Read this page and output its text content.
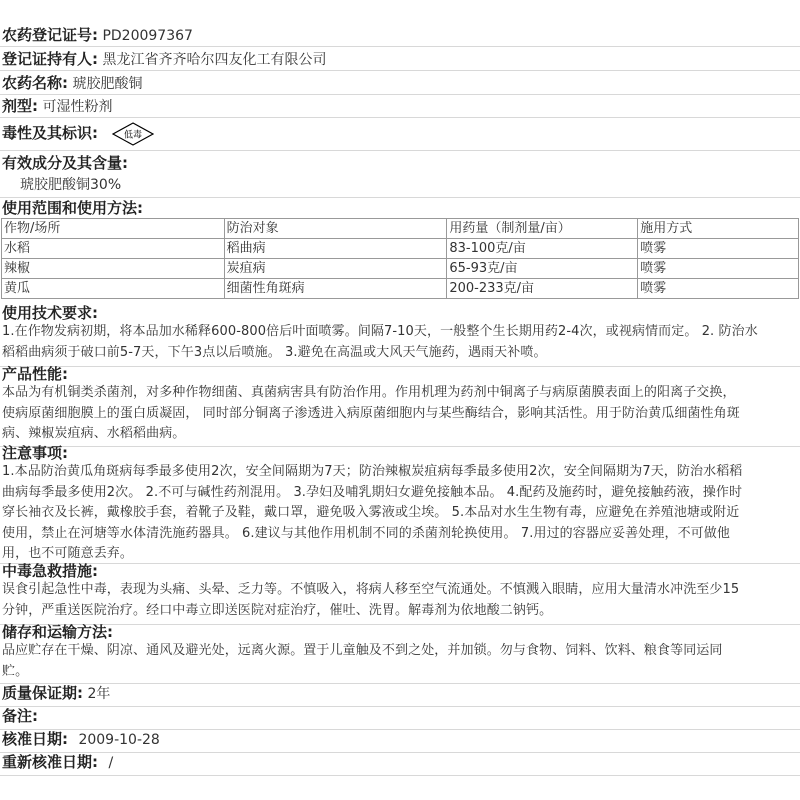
农药登记证号: PD20097367
登记证持有人: 黑龙江省齐齐哈尔四友化工有限公司
农药名称: 琥胶肥酸铜
剂型: 可湿性粉剂
毒性及其标识:	低毒
有效成分及其含量:
琥胶肥酸铜30%
使用范围和使用方法:
作物/场所	防治对象	用药量（制剂量/亩）	施用方式
水稻	稻曲病	83-100克/亩	喷雾
辣椒	炭疽病	65-93克/亩	喷雾
黄瓜	细菌性角斑病	200-233克/亩	喷雾
使用技术要求:
1.在作物发病初期，将本品加水稀释600-800倍后叶面喷雾。间隔7-10天，一般整个生长期用药2-4次，或视病情而定。 2. 防治水
稻稻曲病须于破口前5-7天，下午3点以后喷施。 3.避免在高温或大风天气施药，遇雨天补喷。
产品性能:
本品为有机铜类杀菌剂，对多种作物细菌、真菌病害具有防治作用。作用机理为药剂中铜离子与病原菌膜表面上的阳离子交换，
使病原菌细胞膜上的蛋白质凝固， 同时部分铜离子渗透进入病原菌细胞内与某些酶结合，影响其活性。用于防治黄瓜细菌性角斑
病、辣椒炭疽病、水稻稻曲病。
注意事项:
1.本品防治黄瓜角斑病每季最多使用2次，安全间隔期为7天；防治辣椒炭疽病每季最多使用2次，安全间隔期为7天，防治水稻稻
曲病每季最多使用2次。 2.不可与碱性药剂混用。 3.孕妇及哺乳期妇女避免接触本品。 4.配药及施药时，避免接触药液，操作时
穿长袖衣及长裤，戴橡胶手套，着靴子及鞋，戴口罩，避免吸入雾液或尘埃。 5.本品对水生生物有毒，应避免在养殖池塘或附近
使用，禁止在河塘等水体清洗施药器具。 6.建议与其他作用机制不同的杀菌剂轮换使用。 7.用过的容器应妥善处理，不可做他
用，也不可随意丢弃。
中毒急救措施:
误食引起急性中毒，表现为头痛、头晕、乏力等。不慎吸入，将病人移至空气流通处。不慎溅入眼睛，应用大量清水冲洗至少15
分钟，严重送医院治疗。经口中毒立即送医院对症治疗，催吐、洗胃。解毒剂为依地酸二钠钙。
储存和运输方法:
品应贮存在干燥、阴凉、通风及避光处，远离火源。置于儿童触及不到之处，并加锁。勿与食物、饲料、饮料、粮食等同运同
贮。
质量保证期: 2年
备注:
核准日期: 2009-10-28
重新核准日期: /
